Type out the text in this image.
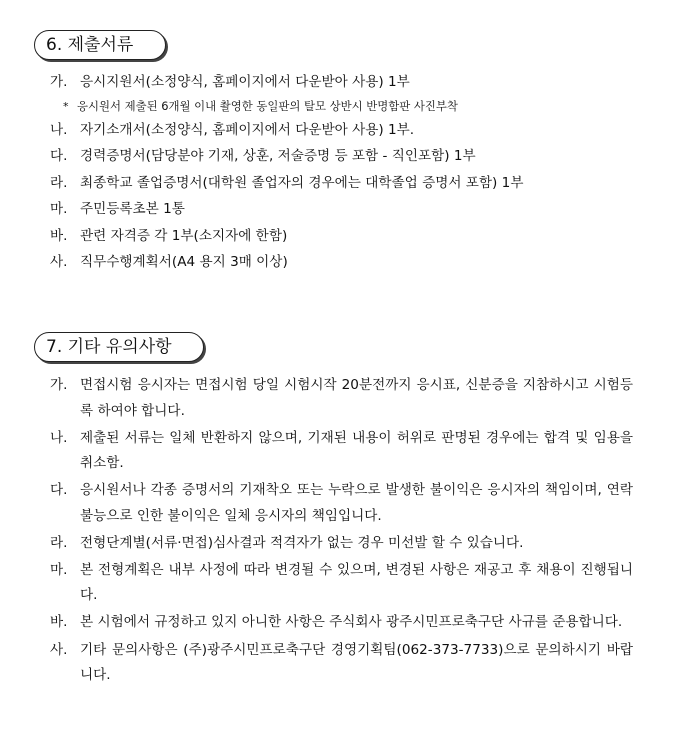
6. 제출서류
가. 응시지원서(소정양식, 홈페이지에서 다운받아 사용) 1부
* 응시원서 제출된 6개월 이내 촬영한 동일판의 탈모 상반시 반명함판 사진부착
나. 자기소개서(소정양식, 홈페이지에서 다운받아 사용) 1부.
다. 경력증명서(담당분야 기재, 상훈, 저술증명 등 포함 - 직인포함) 1부
라. 최종학교 졸업증명서(대학원 졸업자의 경우에는 대학졸업 증명서 포함) 1부
마. 주민등록초본 1통
바. 관련 자격증 각 1부(소지자에 한함)
사. 직무수행계획서(A4 용지 3매 이상)
7. 기타 유의사항
가. 면접시험 응시자는 면접시험 당일 시험시작 20분전까지 응시표, 신분증을 지참하시고 시험등록 하여야 합니다.
나. 제출된 서류는 일체 반환하지 않으며, 기재된 내용이 허위로 판명된 경우에는 합격 및 임용을 취소함.
다. 응시원서나 각종 증명서의 기재착오 또는 누락으로 발생한 불이익은 응시자의 책임이며, 연락불능으로 인한 불이익은 일체 응시자의 책임입니다.
라. 전형단계별(서류·면접)심사결과 적격자가 없는 경우 미선발 할 수 있습니다.
마. 본 전형계획은 내부 사정에 따라 변경될 수 있으며, 변경된 사항은 재공고 후 채용이 진행됩니다.
바. 본 시험에서 규정하고 있지 아니한 사항은 주식회사 광주시민프로축구단 사규를 준용합니다.
사. 기타 문의사항은 (주)광주시민프로축구단 경영기획팀(062-373-7733)으로 문의하시기 바랍니다.
